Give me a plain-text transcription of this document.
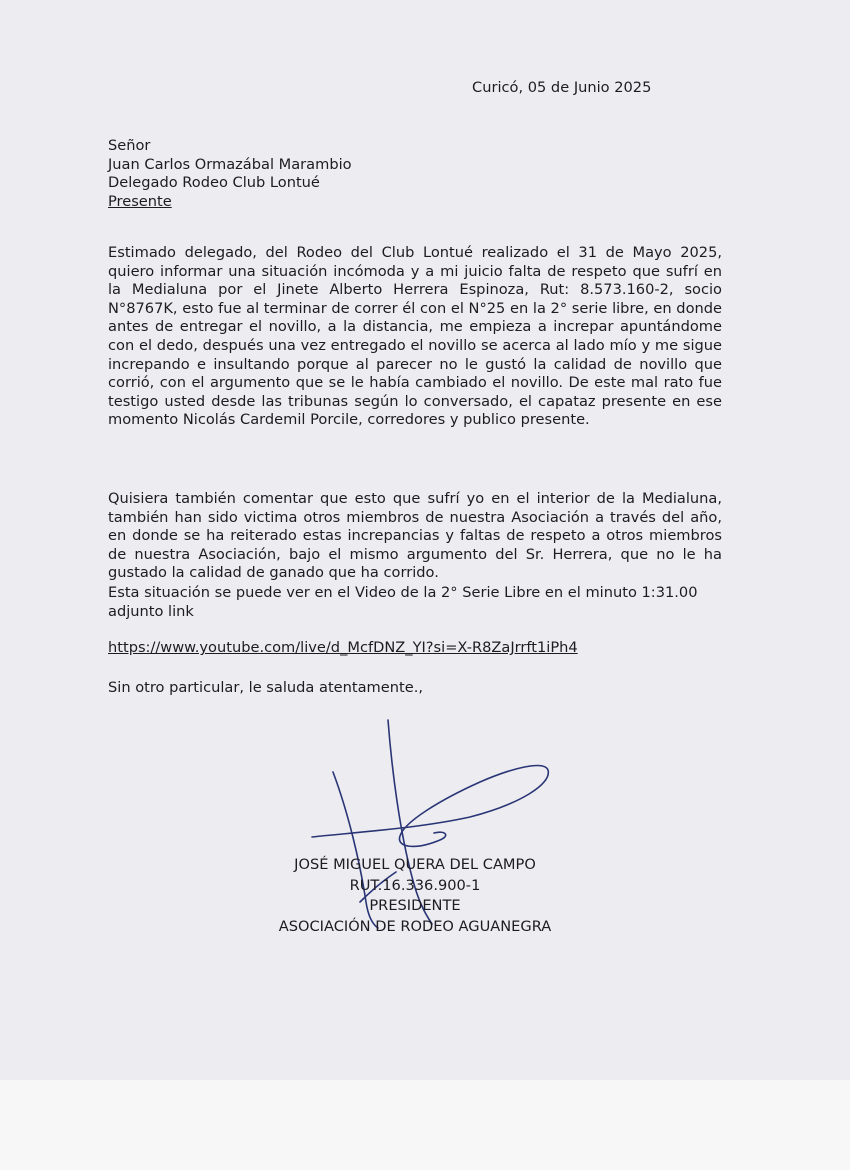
Curicó, 05 de Junio 2025
Señor
Juan Carlos Ormazábal Marambio
Delegado Rodeo Club Lontué
Presente

Estimado delegado, del Rodeo del Club Lontué realizado el 31 de Mayo 2025, quiero informar una situación incómoda y a mi juicio falta de respeto que sufrí en la Medialuna por el Jinete Alberto Herrera Espinoza, Rut: 8.573.160-2, socio N°8767K, esto fue al terminar de correr él con el N°25 en la 2° serie libre, en donde antes de entregar el novillo, a la distancia, me empieza a increpar apuntándome con el dedo, después una vez entregado el novillo se acerca al lado mío y me sigue increpando e insultando porque al parecer no le gustó la calidad de novillo que corrió, con el argumento que se le había cambiado el novillo. De este mal rato fue testigo usted desde las tribunas según lo conversado, el capataz presente en ese momento Nicolás Cardemil Porcile, corredores y publico presente.

Quisiera también comentar que esto que sufrí yo en el interior de la Medialuna, también han sido victima otros miembros de nuestra Asociación a través del año, en donde se ha reiterado estas increpancias y faltas de respeto a otros miembros de nuestra Asociación, bajo el mismo argumento del Sr. Herrera, que no le ha gustado la calidad de ganado que ha corrido.

Esta situación se puede ver en el Video de la 2° Serie Libre en el minuto 1:31.00 adjunto link

https://www.youtube.com/live/d_McfDNZ_YI?si=X-R8ZaJrrft1iPh4
Sin otro particular, le saluda atentamente.,
JOSÉ MIGUEL QUERA DEL CAMPO
RUT.16.336.900-1
PRESIDENTE
ASOCIACIÓN DE RODEO AGUANEGRA
